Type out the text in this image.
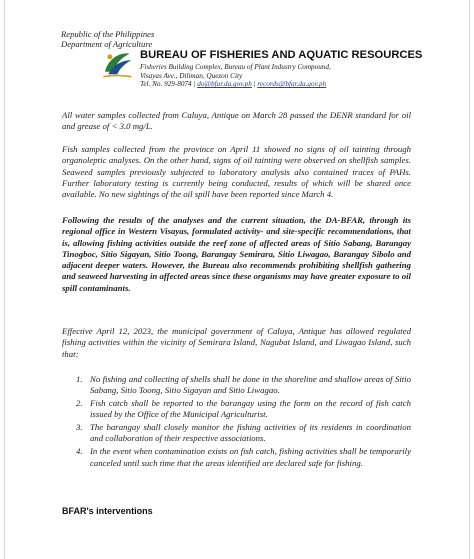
Republic of the Philippines
Department of Agriculture
BUREAU OF FISHERIES AND AQUATIC RESOURCES
Fisheries Building Complex, Bureau of Plant Industry Compound,
Visayas Ave., Diliman, Quezon City
Tel. No. 929-8074 | do@bfar.da.gov.ph | records@bfar.da.gov.ph

All water samples collected from Caluya, Antique on March 28 passed the DENR standard for oil and grease of < 3.0 mg/L.

Fish samples collected from the province on April 11 showed no signs of oil tainting through organoleptic analyses. On the other hand, signs of oil tainting were observed on shellfish samples. Seaweed samples previously subjected to laboratory analysis also contained traces of PAHs. Further laboratory testing is currently being conducted, results of which will be shared once available. No new sightings of the oil spill have been reported since March 4.

Following the results of the analyses and the current situation, the DA-BFAR, through its regional office in Western Visayas, formulated activity- and site-specific recommendations, that is, allowing fishing activities outside the reef zone of affected areas of Sitio Sabang, Barangay Tinogboc, Sitio Sigayan, Sitio Toong, Barangay Semirara, Sitio Liwagao, Barangay Sibolo and adjacent deeper waters. However, the Bureau also recommends prohibiting shellfish gathering and seaweed harvesting in affected areas since these organisms may have greater exposure to oil spill contaminants.

Effective April 12, 2023, the municipal government of Caluya, Antique has allowed regulated fishing activities within the vicinity of Semirara Island, Nagubat Island, and Liwagao Island, such that:

1. No fishing and collecting of shells shall be done in the shoreline and shallow areas of Sitio Sabang, Sitio Toong, Sitio Sigayan and Sitio Liwagao.
2. Fish catch shall be reported to the barangay using the form on the record of fish catch issued by the Office of the Municipal Agriculturist.
3. The barangay shall closely monitor the fishing activities of its residents in coordination and collaboration of their respective associations.
4. In the event when contamination exists on fish catch, fishing activities shall be temporarily canceled until such time that the areas identified are declared safe for fishing.
BFAR's interventions
